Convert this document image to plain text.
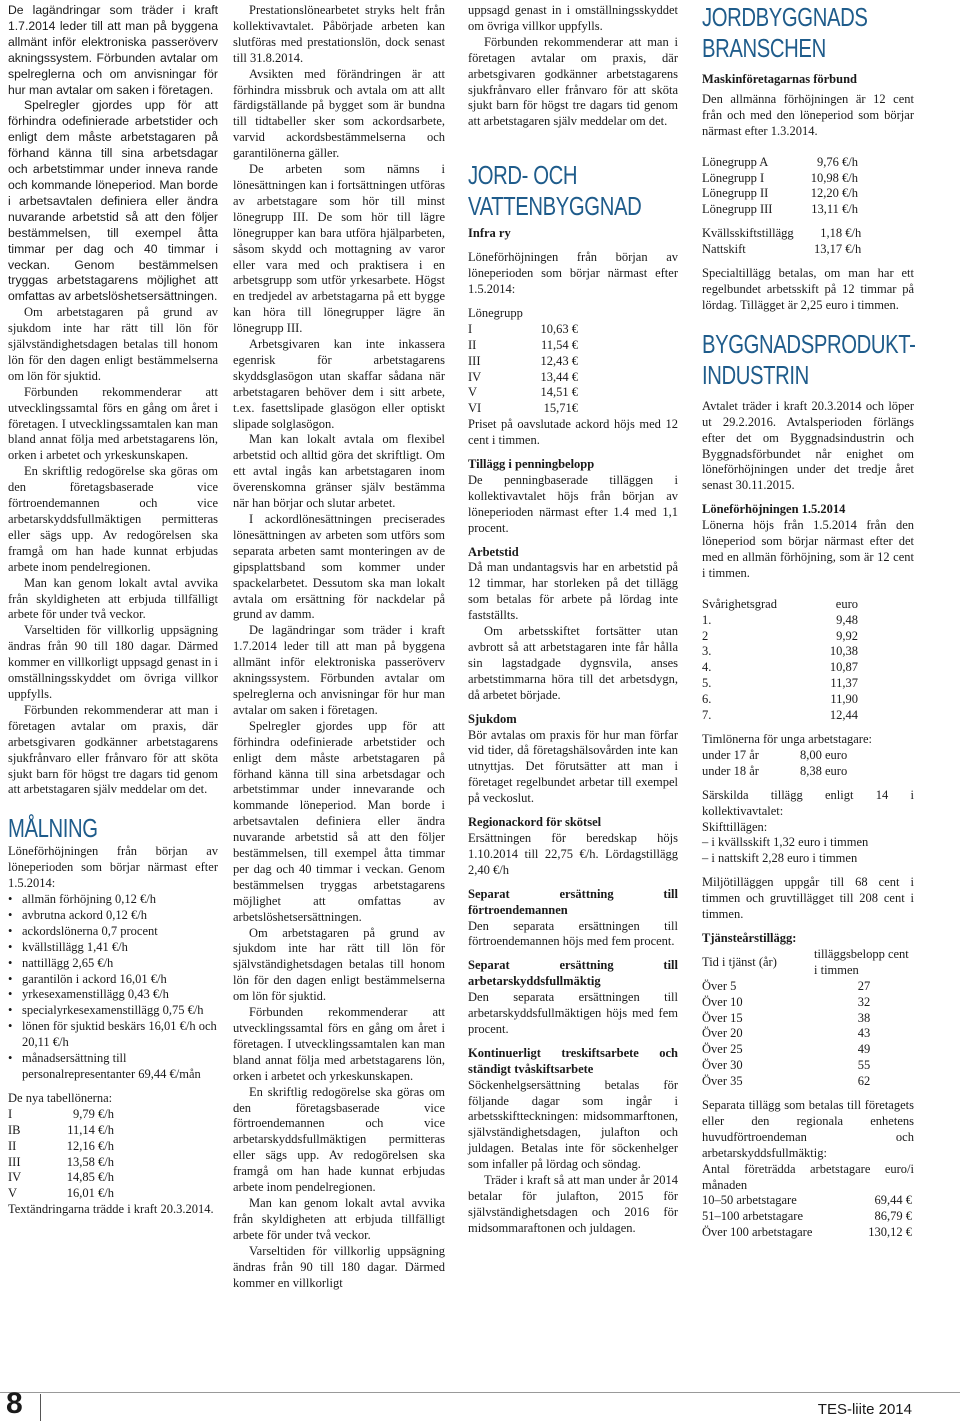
De lagändringar som träder i kraft 1.7.2014 leder till att man på byggena allmänt inför elektroniska passeröverv akningssystem. Förbunden avtalar om spelreglerna och om anvisningar för hur man avtalar om saken i företagen.

Spelregler gjordes upp för att förhindra odefinierade arbetstider och enligt dem måste arbetstagaren på förhand känna till sina arbetsdagar och arbetstimmar under inneva rande och kommande löneperiod. Man borde i arbetsavtalen definiera eller ändra nuvarande arbetstid så att den följer bestämmelsen, till exempel åtta timmar per dag och 40 timmar i veckan. Genom bestämmelsen tryggas arbetstagarens möjlighet att omfattas av arbetslöshetsersättningen.

Om arbetstagaren på grund av sjukdom inte har rätt till lön för självständighetsdagen betalas till honom lön för den dagen enligt bestämmelserna om lön för sjuktid.

Förbunden rekommenderar att utvecklingssamtal förs en gång om året i företagen. I utvecklingssamtalen kan man bland annat följa med arbetstagarens lön, orken i arbetet och yrkeskunskapen.

En skriftlig redogörelse ska göras om den företagsbaserade vice förtroendemannen och vice arbetarskyddsfullmäktigen permitteras eller sägs upp. Av redogörelsen ska framgå om han hade kunnat erbjudas arbete inom pendelregionen.

Man kan genom lokalt avtal avvika från skyldigheten att erbjuda tillfälligt arbete för under två veckor.

Varseltiden för villkorlig uppsägning ändras från 90 till 180 dagar. Därmed kommer en villkorligt uppsagd genast in i omställningsskyddet om övriga villkor uppfylls.

Förbunden rekommenderar att man i företagen avtalar om praxis, där arbetsgivaren godkänner arbetstagarens sjukfrånvaro eller frånvaro för att sköta sjukt barn för högst tre dagars tid genom att arbetstagaren själv meddelar om det.

MÅLNING

Löneförhöjningen från början av löneperioden som börjar närmast efter 1.5.2014:

• allmän förhöjning 0,12 €/h
• avbrutna ackord 0,12 €/h
• ackordslönerna 0,7 procent
• kvällstillägg 1,41 €/h
• nattillägg 2,65 €/h
• garantilön i ackord 16,01 €/h
• yrkesexamenstillägg 0,43 €/h
• specialyrkesexamenstillägg 0,75 €/h
• lönen för sjuktid beskärs 16,01 €/h och 20,11 €/h
• månadsersättning till personalrepresentanter 69,44 €/mån

De nya tabellönerna:

I	9,79 €/h
IB	11,14 €/h
II	12,16 €/h
III	13,58 €/h
IV	14,85 €/h
V	16,01 €/h

Textändringarna trädde i kraft 20.3.2014.

Prestationslönearbetet stryks helt från kollektivavtalet. Påbörjade arbeten kan slutföras med prestationslön, dock senast till 31.8.2014.

Avsikten med förändringen är att förhindra missbruk och avtala om att allt färdigställande på bygget som är bundna till tidtabeller sker som ackordsarbete, varvid ackordsbestämmelserna och garantilönerna gäller.

De arbeten som nämns i lönesättningen kan i fortsättningen utföras av arbetstagare som hör till minst lönegrupp III. De som hör till lägre lönegrupper kan bara utföra hjälparbeten, såsom skydd och mottagning av varor eller vara med och praktisera i en arbetsgrupp som utför yrkesarbete. Högst en tredjedel av arbetstagarna på ett bygge kan höra till lönegrupper lägre än lönegrupp III.

Arbetsgivaren kan inte inkassera egenrisk för arbetstagarens skyddsglasögon utan skaffar sådana när arbetstagaren behöver dem i sitt arbete, t.ex. fasettslipade glasögon eller optiskt slipade solglasögon.

Man kan lokalt avtala om flexibel arbetstid och alltid göra det skriftligt. Om ett avtal ingås kan arbetstagaren inom överenskomna gränser själv bestämma när han börjar och slutar arbetet.

I ackordlönesättningen preciserades lönesättningen av arbeten som utförs som separata arbeten samt monteringen av de gipsplattsband som kommer under spackelarbetet. Dessutom ska man lokalt avtala om ersättning för nackdelar på grund av damm.

De lagändringar som träder i kraft 1.7.2014 leder till att man på byggena allmänt inför elektroniska passeröverv akningssystem. Förbunden avtalar om spelreglerna och anvisningar för hur man avtalar om saken i företagen.

Spelregler gjordes upp för att förhindra odefinierade arbetstider och enligt dem måste arbetstagaren på förhand känna till sina arbetsdagar och arbetstimmar under innevarande och kommande löneperiod. Man borde i arbetsavtalen definiera eller ändra nuvarande arbetstid så att den följer bestämmelsen, till exempel åtta timmar per dag och 40 timmar i veckan. Genom bestämmelsen tryggas arbetstagarens möjlighet att omfattas av arbetslöshetsersättningen.

Om arbetstagaren på grund av sjukdom inte har rätt till lön för självständighetsdagen betalas till honom lön för den dagen enligt bestämmelserna om lön för sjuktid.

Förbunden rekommenderar att utvecklingssamtal förs en gång om året i företagen. I utvecklingssamtalen kan man bland annat följa med arbetstagarens lön, orken i arbetet och yrkeskunskapen.

En skriftlig redogörelse ska göras om den företagsbaserade vice förtroendemannen och vice arbetarskyddsfullmäktigen permitteras eller sägs upp. Av redogörelsen ska framgå om han hade kunnat erbjudas arbete inom pendelregionen.

Man kan genom lokalt avtal avvika från skyldigheten att erbjuda tillfälligt arbete för under två veckor.

Varseltiden för villkorlig uppsägning ändras från 90 till 180 dagar. Därmed kommer en villkorligt

uppsagd genast in i omställningsskyddet om övriga villkor uppfylls.

Förbunden rekommenderar att man i företagen avtalar om praxis, där arbetsgivaren godkänner arbetstagarens sjukfrånvaro eller frånvaro för att sköta sjukt barn för högst tre dagars tid genom att arbetstagaren själv meddelar om det.

JORD- OCH VATTENBYGGNAD

Infra ry

Löneförhöjningen från början av löneperioden som börjar närmast efter 1.5.2014:

Lönegrupp

I	10,63 €
II	11,54 €
III	12,43 €
IV	13,44 €
V	14,51 €
VI	15,71€

Priset på oavslutade ackord höjs med 12 cent i timmen.

Tillägg i penningbelopp

De penningbaserade tilläggen i kollektivavtalet höjs från början av löneperioden närmast efter 1.4 med 1,1 procent.

Arbetstid

Då man undantagsvis har en arbetstid på 12 timmar, har storleken på det tillägg som betalas för arbete på lördag inte fastställts.

Om arbetsskiftet fortsätter utan avbrott så att arbetstagaren inte får hålla sin lagstadgade dygnsvila, anses arbetstimmarna höra till det arbetsdygn, då arbetet började.

Sjukdom

Bör avtalas om praxis för hur man förfar vid tider, då företagshälsovården inte kan utnyttjas. Det förutsätter att man i företaget regelbundet arbetar till exempel på veckoslut.

Regionackord för skötsel

Ersättningen för beredskap höjs 1.10.2014 till 22,75 €/h. Lördagstillägg 2,40 €/h

Separat ersättning till förtroendemannen

Den separata ersättningen till förtroendemannen höjs med fem procent.

Separat ersättning till arbetarskyddsfullmäktig

Den separata ersättningen till arbetarskyddsfullmäktigen höjs med fem procent.

Kontinuerligt treskiftsarbete och ständigt tvåskiftsarbete

Söckenhelgsersättning betalas för följande dagar som ingår i arbetsskiftteckningen: midsommarftonen, självständighetsdagen, julafton och juldagen. Betalas inte för söckenhelger som infaller på lördag och söndag.

Träder i kraft så att man under år 2014 betalar för julafton, 2015 för självständighetsdagen och 2016 för midsommaraftonen och juldagen.

JORDBYGGNADS BRANSCHEN

Maskinföretagarnas förbund

Den allmänna förhöjningen är 12 cent från och med den löneperiod som börjar närmast efter 1.3.2014.

Lönegrupp A	9,76 €/h
Lönegrupp I	10,98 €/h
Lönegrupp II	12,20 €/h
Lönegrupp III	13,11 €/h
Kvällsskiftstillägg	1,18 €/h
Nattskift	13,17 €/h

Specialtillägg betalas, om man har ett regelbundet arbetsskift på 12 timmar på lördag. Tillägget är 2,25 euro i timmen.

BYGGNADSPRODUKT- INDUSTRIN

Avtalet träder i kraft 20.3.2014 och löper ut 29.2.2016. Avtalsperioden förlängs efter det om Byggnadsindustrin och Byggnadsförbundet når enighet om löneförhöjningen under det tredje året senast 30.11.2015.

Löneförhöjningen 1.5.2014

Lönerna höjs från 1.5.2014 från den löneperiod som börjar närmast efter det med en allmän förhöjning, som är 12 cent i timmen.

Svårighetsgrad	euro
1.	9,48
2	9,92
3.	10,38
4.	10,87
5.	11,37
6.	11,90
7.	12,44

Timlönerna för unga arbetstagare:

under 17 år	8,00 euro
under 18 år	8,38 euro

Särskilda tillägg enligt 14 i kollektivavtalet:

Skifttillägen:

– i kvällsskift 1,32 euro i timmen

– i nattskift 2,28 euro i timmen

Miljötilläggen uppgår till 68 cent i timmen och gruvtillägget till 208 cent i timmen.

Tjänsteårstillägg:

Tid i tjänst (år)	tilläggsbelopp cent i timmen
Över 5	27
Över 10	32
Över 15	38
Över 20	43
Över 25	49
Över 30	55
Över 35	62

Separata tillägg som betalas till företagets eller den regionala enhetens huvudförtroendeman och arbetarskyddsfullmäktig:

Antal företrädda arbetstagare euro/i månaden

10–50 arbetstagare	69,44 €
51–100 arbetstagare	86,79 €
Över 100 arbetstagare	130,12 €
8	TES-liite 2014
